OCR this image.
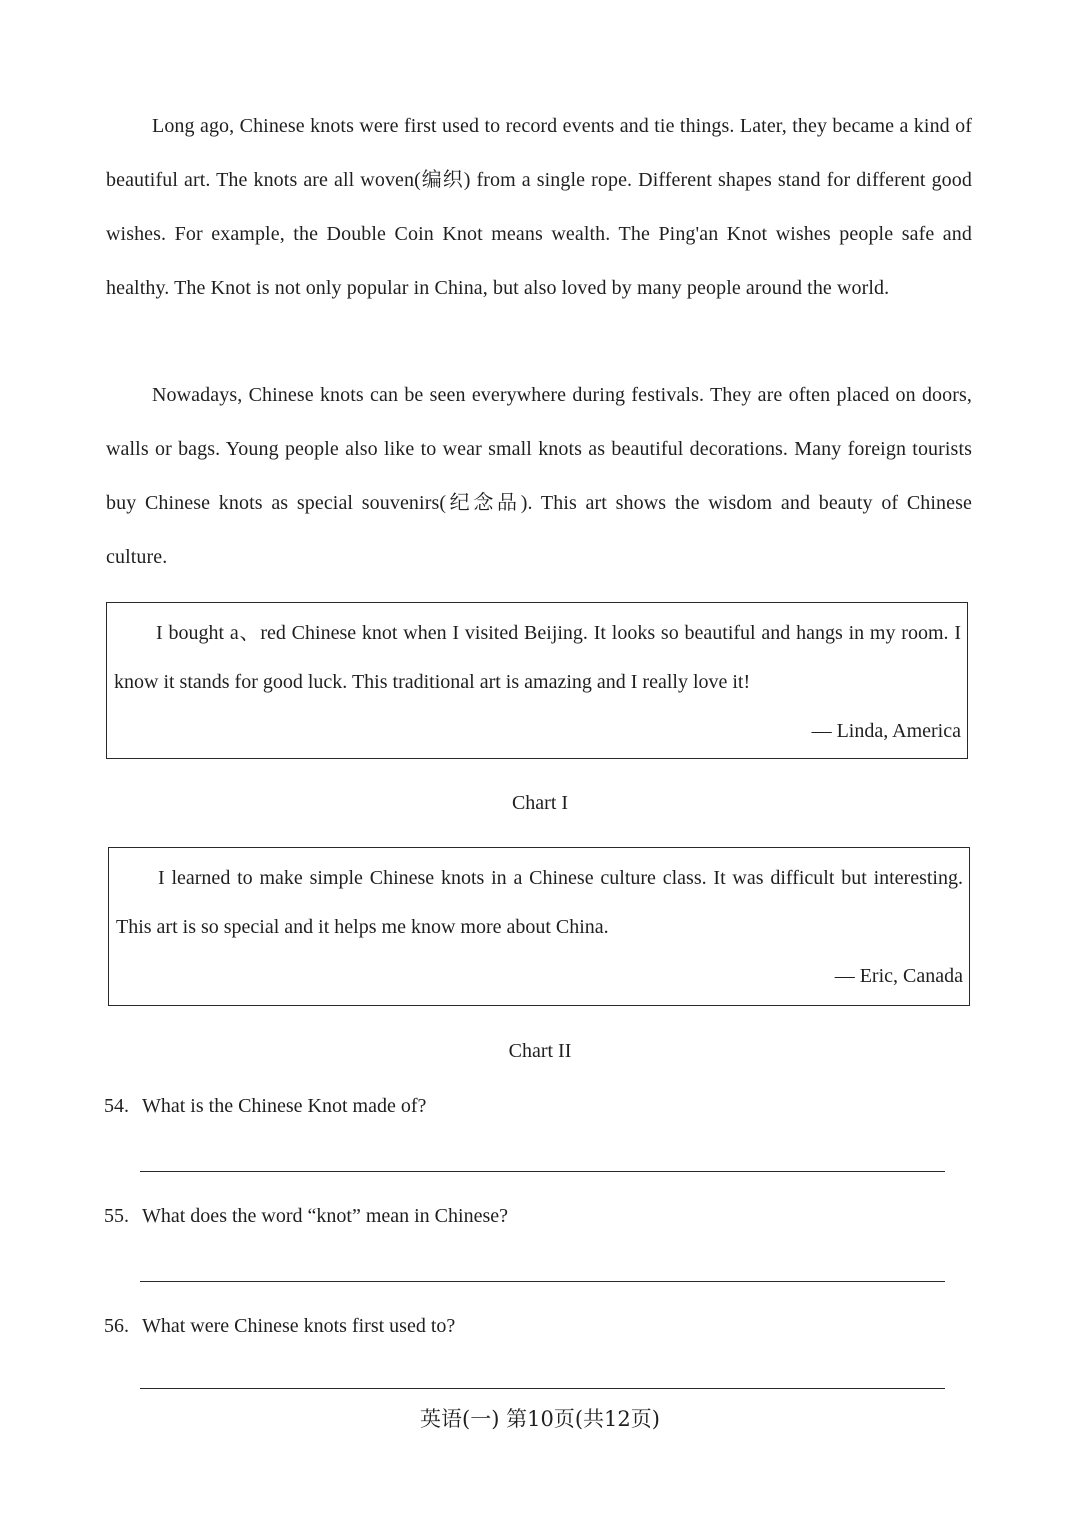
Long ago, Chinese knots were first used to record events and tie things. Later, they became a kind of beautiful art. The knots are all woven(编织) from a single rope. Different shapes stand for different good wishes. For example, the Double Coin Knot means wealth. The Ping'an Knot wishes people safe and healthy. The Knot is not only popular in China, but also loved by many people around the world.

Nowadays, Chinese knots can be seen everywhere during festivals. They are often placed on doors, walls or bags. Young people also like to wear small knots as beautiful decorations. Many foreign tourists buy Chinese knots as special souvenirs(纪念品). This art shows the wisdom and beauty of Chinese culture.

I bought a、red Chinese knot when I visited Beijing. It looks so beautiful and hangs in my room. I know it stands for good luck. This traditional art is amazing and I really love it!

— Linda, America

Chart I

I learned to make simple Chinese knots in a Chinese culture class. It was difficult but interesting. This art is so special and it helps me know more about China.

— Eric, Canada

Chart II
54. What is the Chinese Knot made of?
55. What does the word “knot” mean in Chinese?
56. What were Chinese knots first used to?
英语(一) 第10页(共12页)
